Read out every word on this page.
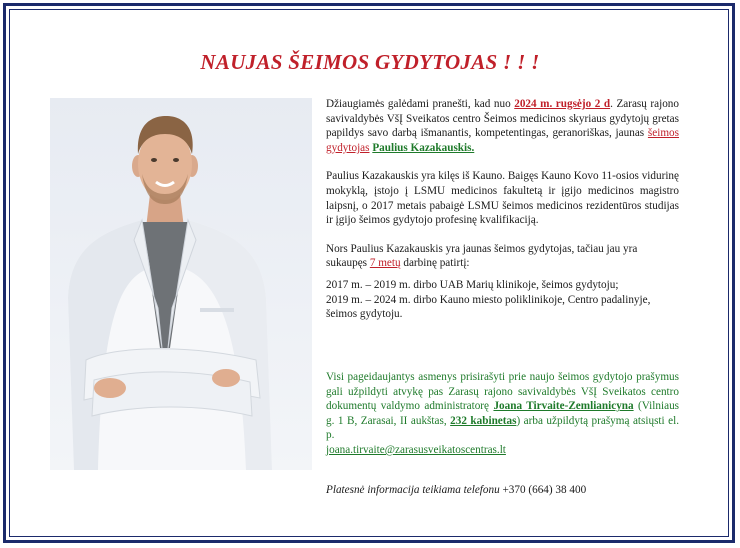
NAUJAS ŠEIMOS GYDYTOJAS ! ! !

Džiaugiamės galėdami pranešti, kad nuo 2024 m. rugsėjo 2 d. Zarasų rajono savivaldybės VšĮ Sveikatos centro Šeimos medicinos skyriaus gydytojų gretas papildys savo darbą išmanantis, kompetentingas, geranoriškas, jaunas šeimos gydytojas Paulius Kazakauskis.

Paulius Kazakauskis yra kilęs iš Kauno. Baigęs Kauno Kovo 11-osios vidurinę mokyklą, įstojo į LSMU medicinos fakultetą ir įgijo medicinos magistro laipsnį, o 2017 metais pabaigė LSMU šeimos medicinos rezidentūros studijas ir įgijo šeimos gydytojo profesinę kvalifikaciją.

Nors Paulius Kazakauskis yra jaunas šeimos gydytojas, tačiau jau yra sukaupęs 7 metų darbinę patirtį:

2017 m. – 2019 m. dirbo UAB Marių klinikoje, šeimos gydytoju;

2019 m. – 2024 m. dirbo Kauno miesto poliklinikoje, Centro padalinyje, šeimos gydytoju.

Visi pageidaujantys asmenys prisirašyti prie naujo šeimos gydytojo prašymus gali užpildyti atvykę pas Zarasų rajono savivaldybės VšĮ Sveikatos centro dokumentų valdymo administratorę Joana Tirvaite-Zemlianicyna (Vilniaus g. 1 B, Zarasai, II aukštas, 232 kabinetas) arba užpildytą prašymą atsiųsti el. p.
joana.tirvaite@zarasusveikatoscentras.lt
Platesnė informacija teikiama telefonu +370 (664) 38 400
